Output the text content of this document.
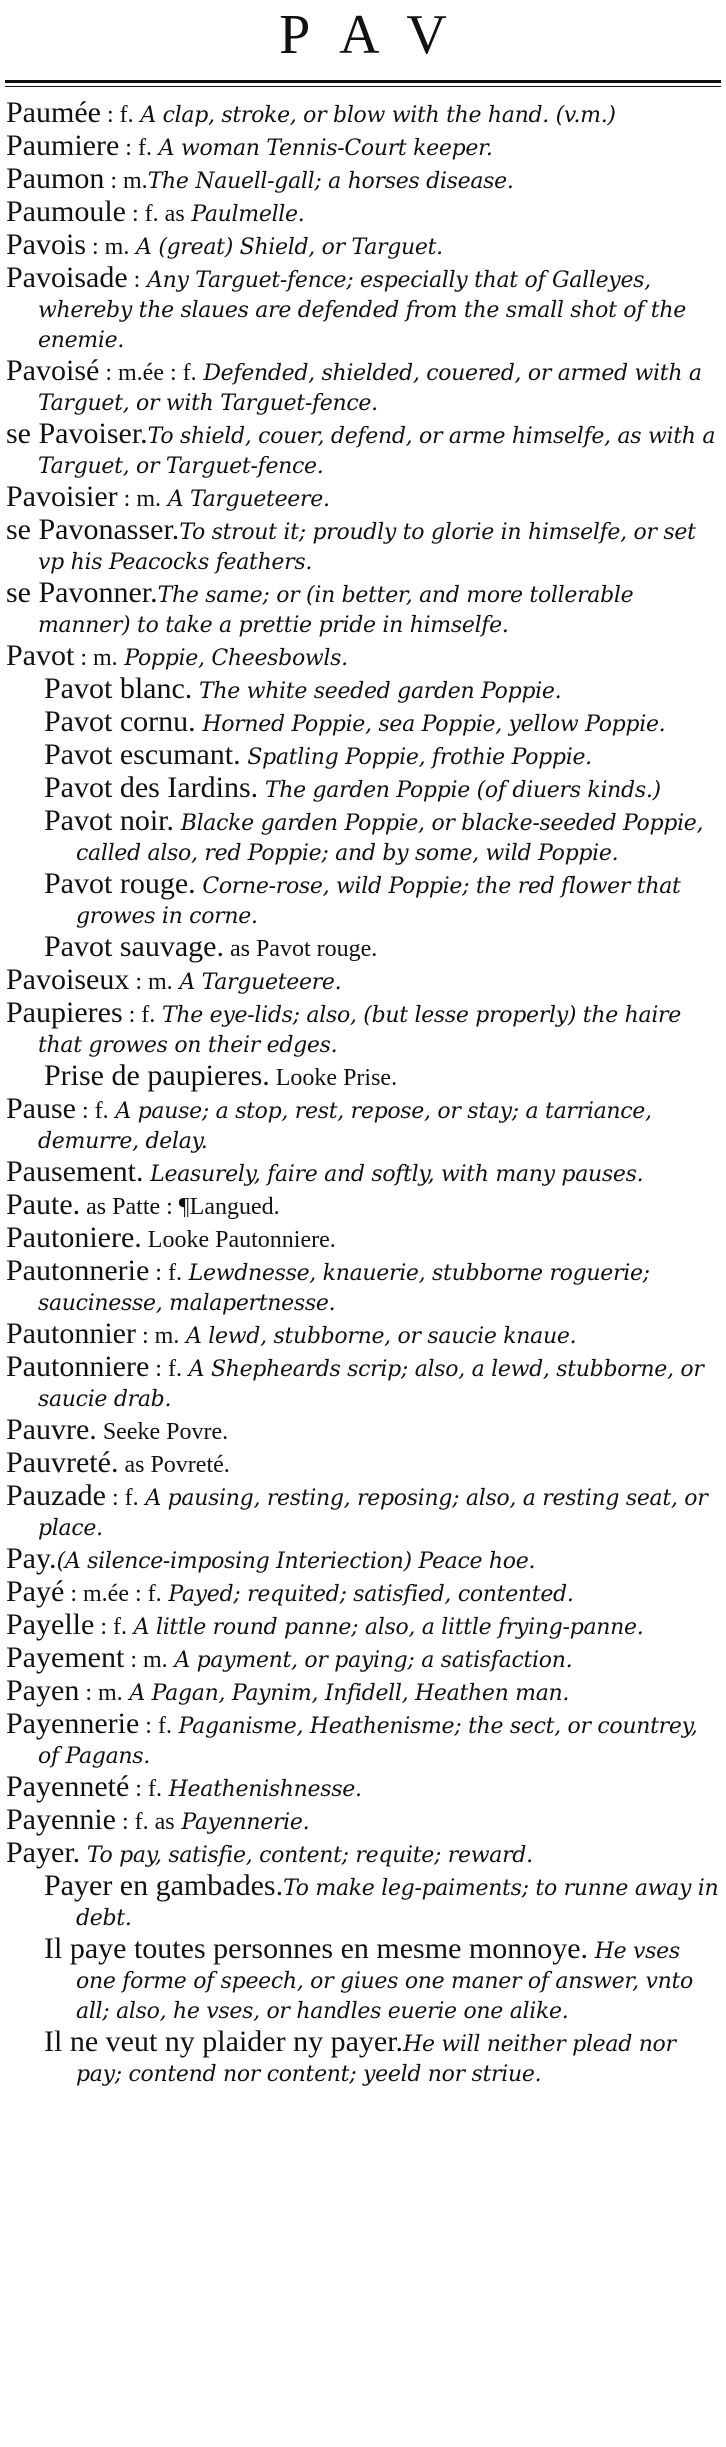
PAV
Paumée : f. A clap, stroke, or blow with the hand. (v.m.)
Paumiere : f. A woman Tennis-Court keeper.
Paumon : m.The Nauell-gall; a horses disease.
Paumoule : f. as Paulmelle.
Pavois : m. A (great) Shield, or Targuet.
Pavoisade : Any Targuet-fence; especially that of Galleyes, whereby the slaues are defended from the small shot of the enemie.
Pavoisé : m.ée : f. Defended, shielded, couered, or armed with a Targuet, or with Targuet-fence.
se Pavoiser.To shield, couer, defend, or arme himselfe, as with a Targuet, or Targuet-fence.
Pavoisier : m. A Targueteere.
se Pavonasser.To strout it; proudly to glorie in himselfe, or set vp his Peacocks feathers.
se Pavonner.The same; or (in better, and more tollerable manner) to take a prettie pride in himselfe.
Pavot : m. Poppie, Cheesbowls.
Pavot blanc. The white seeded garden Poppie.
Pavot cornu. Horned Poppie, sea Poppie, yellow Poppie.
Pavot escumant. Spatling Poppie, frothie Poppie.
Pavot des Iardins. The garden Poppie (of diuers kinds.)
Pavot noir. Blacke garden Poppie, or blacke-seeded Poppie, called also, red Poppie; and by some, wild Poppie.
Pavot rouge. Corne-rose, wild Poppie; the red flower that growes in corne.
Pavot sauvage. as Pavot rouge.
Pavoiseux : m. A Targueteere.
Paupieres : f. The eye-lids; also, (but lesse properly) the haire that growes on their edges.
Prise de paupieres. Looke Prise.
Pause : f. A pause; a stop, rest, repose, or stay; a tarriance, demurre, delay.
Pausement. Leasurely, faire and softly, with many pauses.
Paute. as Patte : ¶Langued.
Pautoniere. Looke Pautonniere.
Pautonnerie : f. Lewdnesse, knauerie, stubborne roguerie; saucinesse, malapertnesse.
Pautonnier : m. A lewd, stubborne, or saucie knaue.
Pautonniere : f. A Shepheards scrip; also, a lewd, stubborne, or saucie drab.
Pauvre. Seeke Povre.
Pauvreté. as Povreté.
Pauzade : f. A pausing, resting, reposing; also, a resting seat, or place.
Pay.(A silence-imposing Interiection) Peace hoe.
Payé : m.ée : f. Payed; requited; satisfied, contented.
Payelle : f. A little round panne; also, a little frying-panne.
Payement : m. A payment, or paying; a satisfaction.
Payen : m. A Pagan, Paynim, Infidell, Heathen man.
Payennerie : f. Paganisme, Heathenisme; the sect, or countrey, of Pagans.
Payenneté : f. Heathenishnesse.
Payennie : f. as Payennerie.
Payer. To pay, satisfie, content; requite; reward.
Payer en gambades.To make leg-paiments; to runne away in debt.
Il paye toutes personnes en mesme monnoye. He vses one forme of speech, or giues one maner of answer, vnto all; also, he vses, or handles euerie one alike.
Il ne veut ny plaider ny payer.He will neither plead nor pay; contend nor content; yeeld nor striue.
